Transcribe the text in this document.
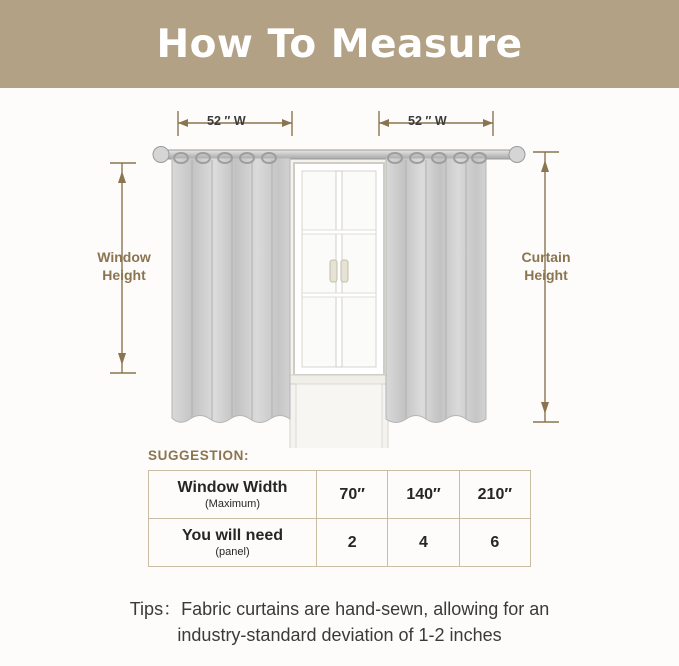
How To Measure
52 ″ W	52 ″ W
Window
Height
Curtain
Height
SUGGESTION:
Window Width
(Maximum)	70″	140″	210″

You will need
(panel)	2	4	6
Tips：Fabric curtains are hand-sewn, allowing for an
industry-standard deviation of 1-2 inches
